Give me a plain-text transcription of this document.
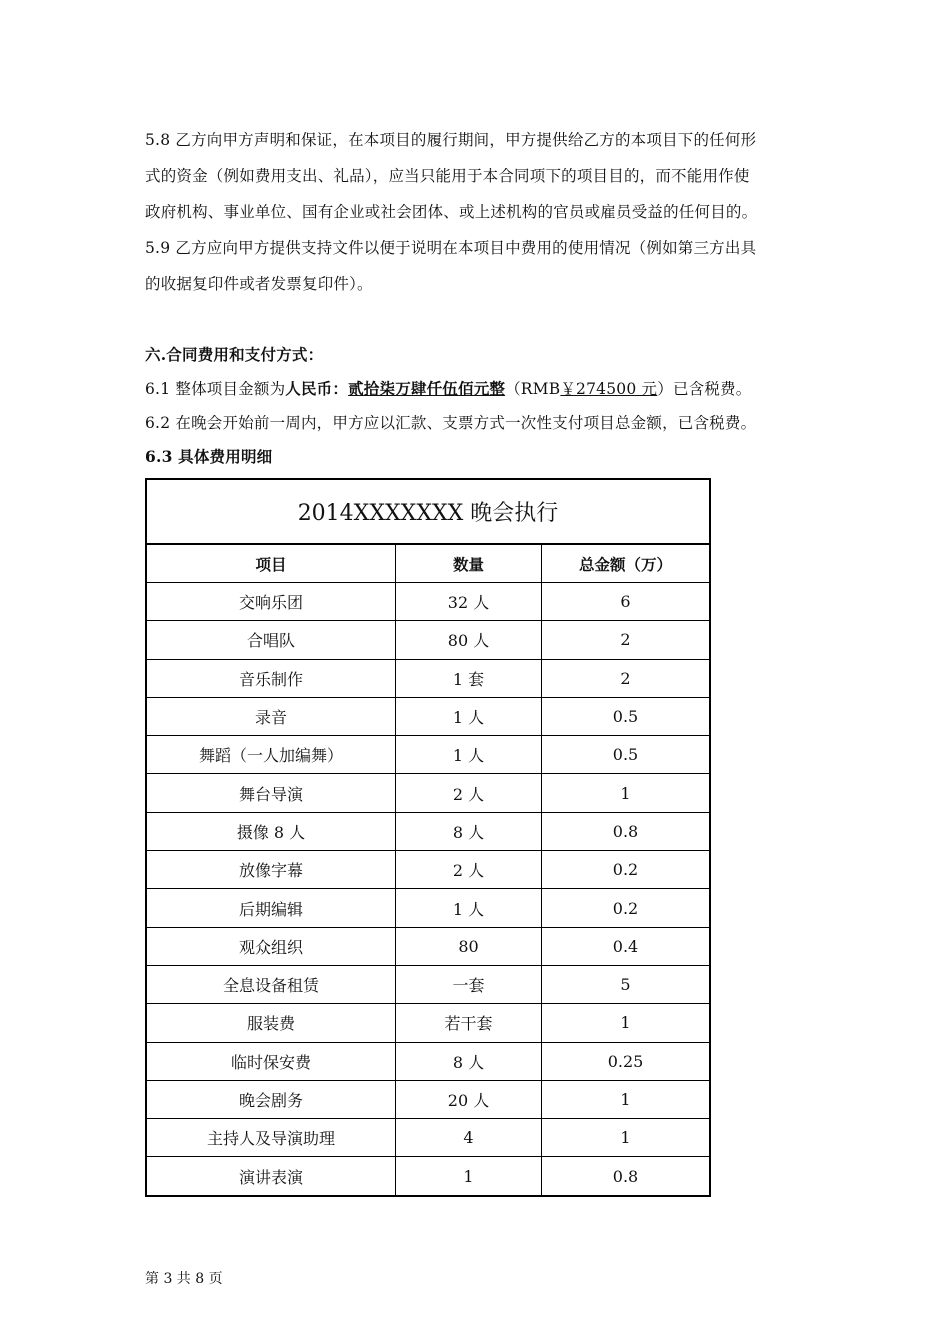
5.8 乙方向甲方声明和保证，在本项目的履行期间，甲方提供给乙方的本项目下的任何形
式的资金（例如费用支出、礼品），应当只能用于本合同项下的项目目的，而不能用作使
政府机构、事业单位、国有企业或社会团体、或上述机构的官员或雇员受益的任何目的。
5.9 乙方应向甲方提供支持文件以便于说明在本项目中费用的使用情况（例如第三方出具
的收据复印件或者发票复印件）。
六.合同费用和支付方式：
6.1 整体项目金额为人民币：贰拾柒万肆仟伍佰元整（RMB￥274500 元）已含税费。
6.2 在晚会开始前一周内，甲方应以汇款、支票方式一次性支付项目总金额，已含税费。
6.3 具体费用明细
2014XXXXXXX 晚会执行		
项目	数量	总金额（万）
交响乐团	32 人	6
合唱队	80 人	2
音乐制作	1 套	2
录音	1 人	0.5
舞蹈（一人加编舞）	1 人	0.5
舞台导演	2 人	1
摄像 8 人	8 人	0.8
放像字幕	2 人	0.2
后期编辑	1 人	0.2
观众组织	80	0.4
全息设备租赁	一套	5
服装费	若干套	1
临时保安费	8 人	0.25
晚会剧务	20 人	1
主持人及导演助理	4	1
演讲表演	1	0.8
第 3 共 8 页
